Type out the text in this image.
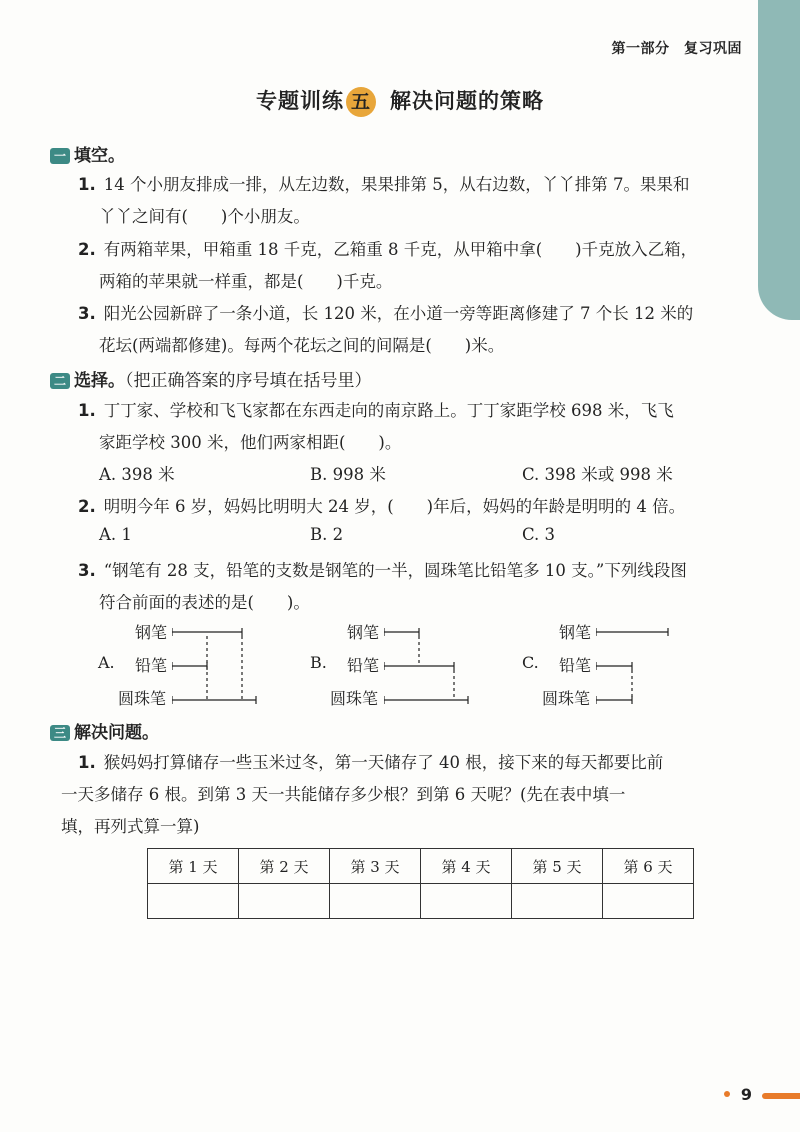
第一部分　复习巩固
专题训练 五 解决问题的策略
一 填空。
1. 14 个小朋友排成一排，从左边数，果果排第 5，从右边数，丫丫排第 7。果果和
丫丫之间有(　　)个小朋友。
2. 有两箱苹果，甲箱重 18 千克，乙箱重 8 千克，从甲箱中拿(　　)千克放入乙箱，
两箱的苹果就一样重，都是(　　)千克。
3. 阳光公园新辟了一条小道，长 120 米，在小道一旁等距离修建了 7 个长 12 米的
花坛(两端都修建)。每两个花坛之间的间隔是(　　)米。
二 选择。（把正确答案的序号填在括号里）
1. 丁丁家、学校和飞飞家都在东西走向的南京路上。丁丁家距学校 698 米，飞飞
家距学校 300 米，他们两家相距(　　)。
A. 398 米	B. 998 米	C. 398 米或 998 米
2. 明明今年 6 岁，妈妈比明明大 24 岁，(　　)年后，妈妈的年龄是明明的 4 倍。
A. 1	B. 2	C. 3
3. “钢笔有 28 支，铅笔的支数是钢笔的一半，圆珠笔比铅笔多 10 支。”下列线段图
符合前面的表述的是(　　)。
钢笔
A. 铅笔
圆珠笔
钢笔
B. 铅笔
圆珠笔
钢笔
C. 铅笔
圆珠笔
三 解决问题。
1. 猴妈妈打算储存一些玉米过冬，第一天储存了 40 根，接下来的每天都要比前
一天多储存 6 根。到第 3 天一共能储存多少根？到第 6 天呢？(先在表中填一
填，再列式算一算)
第 1 天	第 2 天	第 3 天	第 4 天	第 5 天	第 6 天

9
